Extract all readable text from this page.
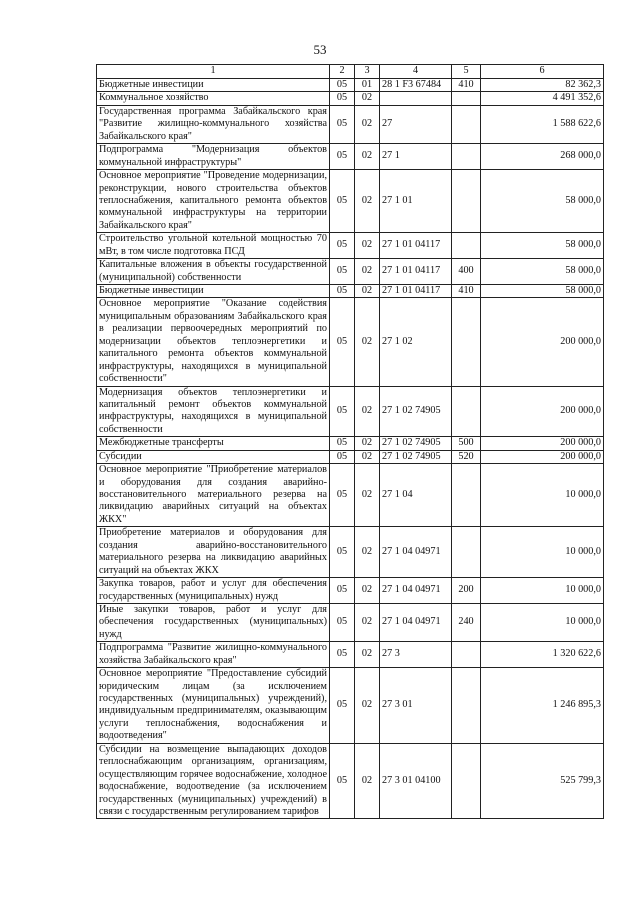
53
1	2	3	4	5	6
Бюджетные инвестиции	05	01	28 1 F3 67484	410	82 362,3
Коммунальное хозяйство	05	02			4 491 352,6
Государственная программа Забайкальского края "Развитие жилищно-коммунального хозяйства Забайкальского края"	05	02	27		1 588 622,6
Подпрограмма "Модернизация объектов коммунальной инфраструктуры"	05	02	27 1		268 000,0
Основное мероприятие "Проведение модернизации, реконструкции, нового строительства объектов теплоснабжения, капитального ремонта объектов коммунальной инфраструктуры на территории Забайкальского края"	05	02	27 1 01		58 000,0
Строительство угольной котельной мощностью 70 мВт, в том числе подготовка ПСД	05	02	27 1 01 04117		58 000,0
Капитальные вложения в объекты государственной (муниципальной) собственности	05	02	27 1 01 04117	400	58 000,0
Бюджетные инвестиции	05	02	27 1 01 04117	410	58 000,0
Основное мероприятие "Оказание содействия муниципальным образованиям Забайкальского края в реализации первоочередных мероприятий по модернизации объектов теплоэнергетики и капитального ремонта объектов коммунальной инфраструктуры, находящихся в муниципальной собственности"	05	02	27 1 02		200 000,0
Модернизация объектов теплоэнергетики и капитальный ремонт объектов коммунальной инфраструктуры, находящихся в муниципальной собственности	05	02	27 1 02 74905		200 000,0
Межбюджетные трансферты	05	02	27 1 02 74905	500	200 000,0
Субсидии	05	02	27 1 02 74905	520	200 000,0
Основное мероприятие "Приобретение материалов и оборудования для создания аварийно-восстановительного материального резерва на ликвидацию аварийных ситуаций на объектах ЖКХ"	05	02	27 1 04		10 000,0
Приобретение материалов и оборудования для создания аварийно-восстановительного материального резерва на ликвидацию аварийных ситуаций на объектах ЖКХ	05	02	27 1 04 04971		10 000,0
Закупка товаров, работ и услуг для обеспечения государственных (муниципальных) нужд	05	02	27 1 04 04971	200	10 000,0
Иные закупки товаров, работ и услуг для обеспечения государственных (муниципальных) нужд	05	02	27 1 04 04971	240	10 000,0
Подпрограмма "Развитие жилищно-коммунального хозяйства Забайкальского края"	05	02	27 3		1 320 622,6
Основное мероприятие "Предоставление субсидий юридическим лицам (за исключением государственных (муниципальных) учреждений), индивидуальным предпринимателям, оказывающим услуги теплоснабжения, водоснабжения и водоотведения"	05	02	27 3 01		1 246 895,3
Субсидии на возмещение выпадающих доходов теплоснабжающим организациям, организациям, осуществляющим горячее водоснабжение, холодное водоснабжение, водоотведение (за исключением государственных (муниципальных) учреждений) в связи с государственным регулированием тарифов	05	02	27 3 01 04100		525 799,3
